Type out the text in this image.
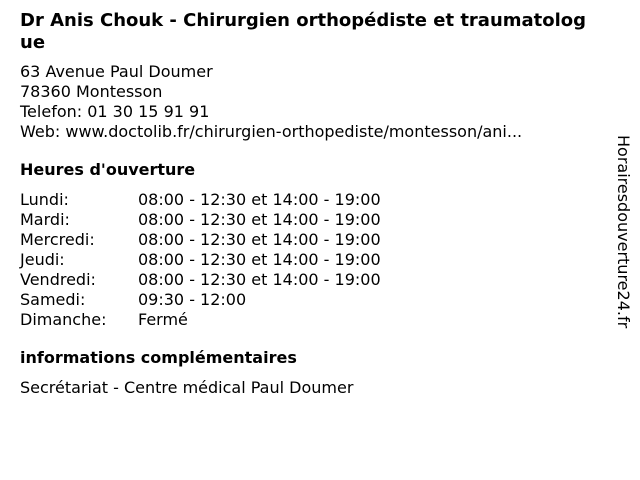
Dr Anis Chouk - Chirurgien orthopédiste et traumatologue
63 Avenue Paul Doumer
78360 Montesson
Telefon: 01 30 15 91 91
Web: www.doctolib.fr/chirurgien-orthopediste/montesson/ani...
Heures d'ouverture
Lundi:	08:00 - 12:30 et 14:00 - 19:00
Mardi:	08:00 - 12:30 et 14:00 - 19:00
Mercredi:	08:00 - 12:30 et 14:00 - 19:00
Jeudi:	08:00 - 12:30 et 14:00 - 19:00
Vendredi:	08:00 - 12:30 et 14:00 - 19:00
Samedi:	09:30 - 12:00
Dimanche:	Fermé
informations complémentaires
Secrétariat - Centre médical Paul Doumer
Horairesdouverture24.fr
